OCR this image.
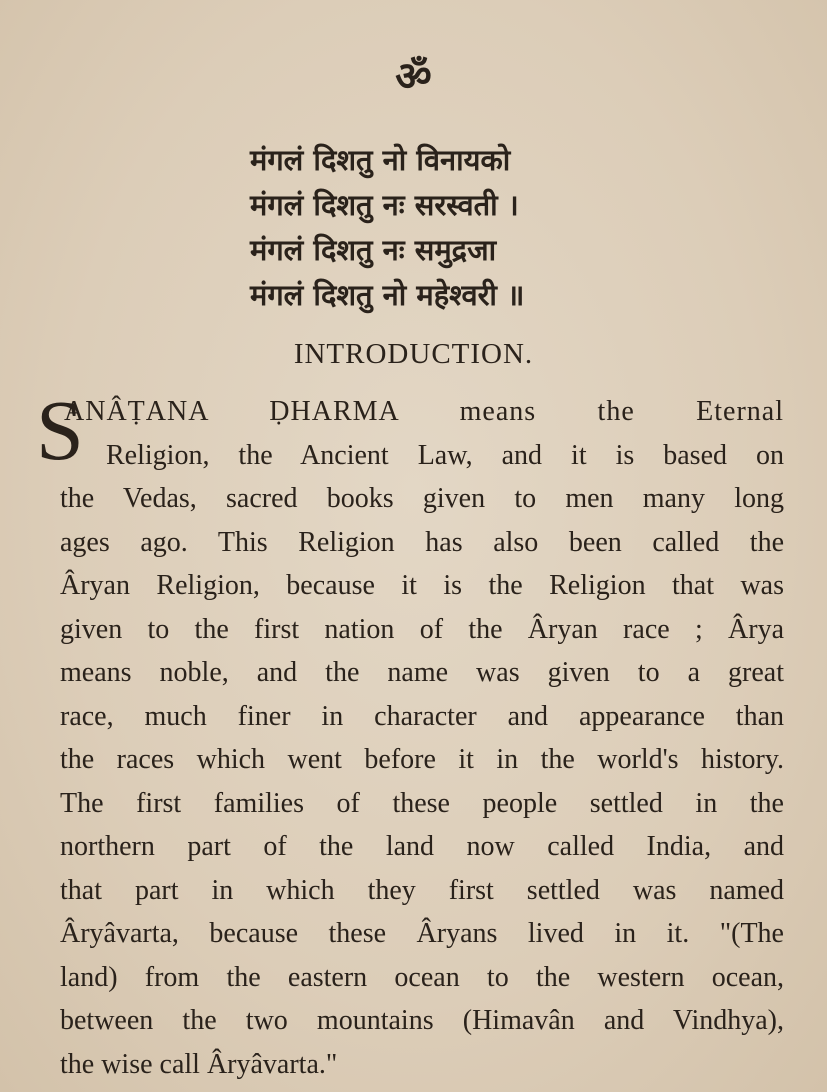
ॐ
मंगलं दिशतु नो विनायको
मंगलं दिशतु नः सरस्वती ।
मंगलं दिशतु नः समुद्रजा
मंगलं दिशतु नो महेश्वरी ॥
INTRODUCTION.
S
ANÂṬANA ḌHARMA means the Eternal
Religion, the Ancient Law, and it is based on
the Vedas, sacred books given to men many long
ages ago. This Religion has also been called the
Âryan Religion, because it is the Religion that was
given to the first nation of the Âryan race ; Ârya
means noble, and the name was given to a great
race, much finer in character and appearance than
the races which went before it in the world's history.
The first families of these people settled in the
northern part of the land now called India, and
that part in which they first settled was named
Âryâvarta, because these Âryans lived in it. "(The
land) from the eastern ocean to the western ocean,
between the two mountains (Himavân and Vindhya),
the wise call Âryâvarta."
